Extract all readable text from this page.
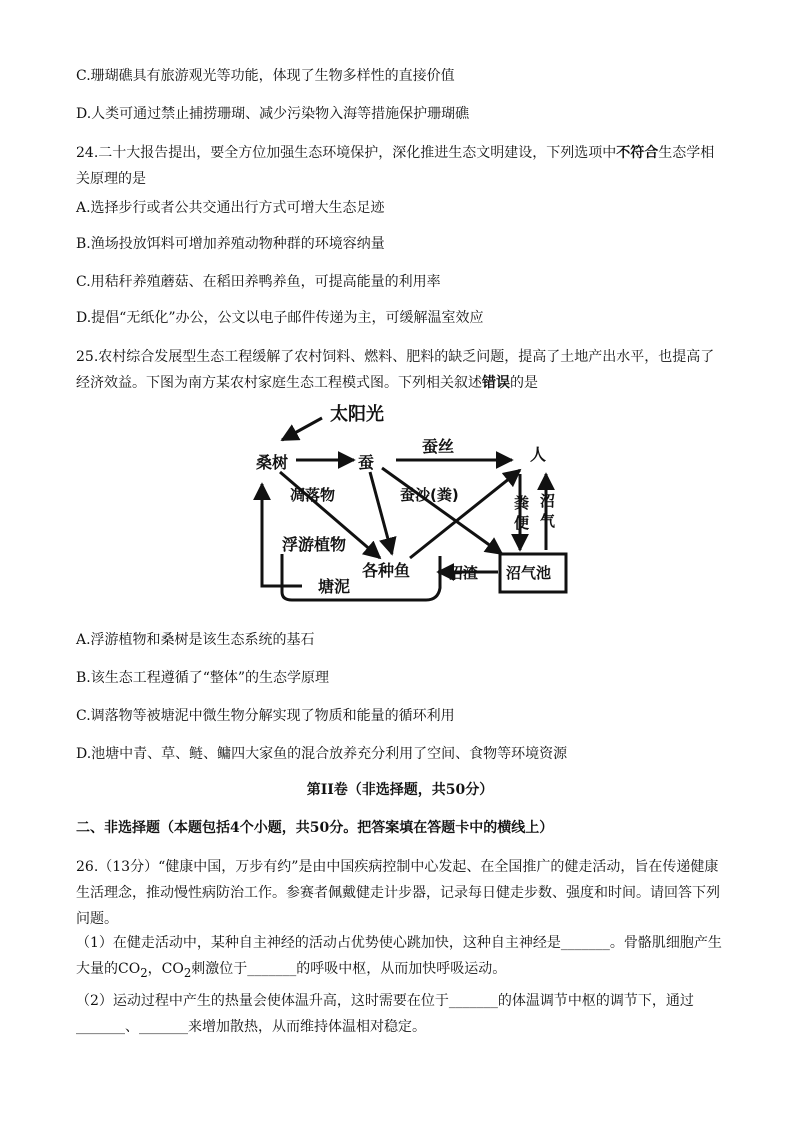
C.珊瑚礁具有旅游观光等功能，体现了生物多样性的直接价值
D.人类可通过禁止捕捞珊瑚、减少污染物入海等措施保护珊瑚礁
24.二十大报告提出，要全方位加强生态环境保护，深化推进生态文明建设，下列选项中不符合生态学相关原理的是
A.选择步行或者公共交通出行方式可增大生态足迹
B.渔场投放饵料可增加养殖动物种群的环境容纳量
C.用秸秆养殖蘑菇、在稻田养鸭养鱼，可提高能量的利用率
D.提倡“无纸化”办公，公文以电子邮件传递为主，可缓解温室效应
25.农村综合发展型生态工程缓解了农村饲料、燃料、肥料的缺乏问题，提高了土地产出水平，也提高了经济效益。下图为南方某农村家庭生态工程模式图。下列相关叙述错误的是
太阳光
桑树	蚕
蚕丝	人
凋落物	蚕沙(粪)	粪便
沼气
浮游植物
各种鱼	沼渣 沼气池
塘泥
A.浮游植物和桑树是该生态系统的基石
B.该生态工程遵循了“整体”的生态学原理
C.调落物等被塘泥中微生物分解实现了物质和能量的循环利用
D.池塘中青、草、鲢、鳙四大家鱼的混合放养充分利用了空间、食物等环境资源
第II卷（非选择题，共50分）
二、非选择题（本题包括4个小题，共50分。把答案填在答题卡中的横线上）
26.（13分）“健康中国，万步有约”是由中国疾病控制中心发起、在全国推广的健走活动，旨在传递健康生活理念，推动慢性病防治工作。参赛者佩戴健走计步器，记录每日健走步数、强度和时间。请回答下列问题。
（1）在健走活动中，某种自主神经的活动占优势使心跳加快，这种自主神经是_______。骨骼肌细胞产生大量的$CO_2$，$CO_2$刺激位于_______的呼吸中枢，从而加快呼吸运动。
（2）运动过程中产生的热量会使体温升高，这时需要在位于_______的体温调节中枢的调节下，通过_______、_______来增加散热，从而维持体温相对稳定。
